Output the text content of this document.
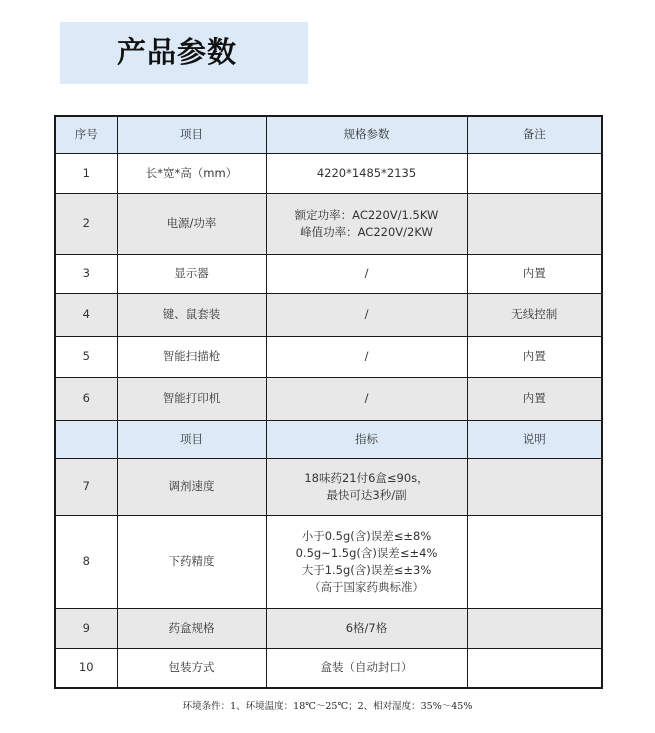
产品参数
序号	项目	规格参数	备注
1	长*宽*高（mm）	4220*1485*2135	
2	电源/功率	额定功率：AC220V/1.5KW
峰值功率：AC220V/2KW	
3	显示器	/	内置
4	键、鼠套装	/	无线控制
5	智能扫描枪	/	内置
6	智能打印机	/	内置
	项目	指标	说明
7	调剂速度	18味药21付6盒≤90s，
最快可达3秒/副	
8	下药精度	小于0.5g(含)误差≤±8%
0.5g~1.5g(含)误差≤±4%
大于1.5g(含)误差≤±3%
（高于国家药典标准）	
9	药盒规格	6格/7格	
10	包装方式	盒装（自动封口）	
环境条件：1、环境温度：18℃～25℃；2、相对湿度：35%～45%
